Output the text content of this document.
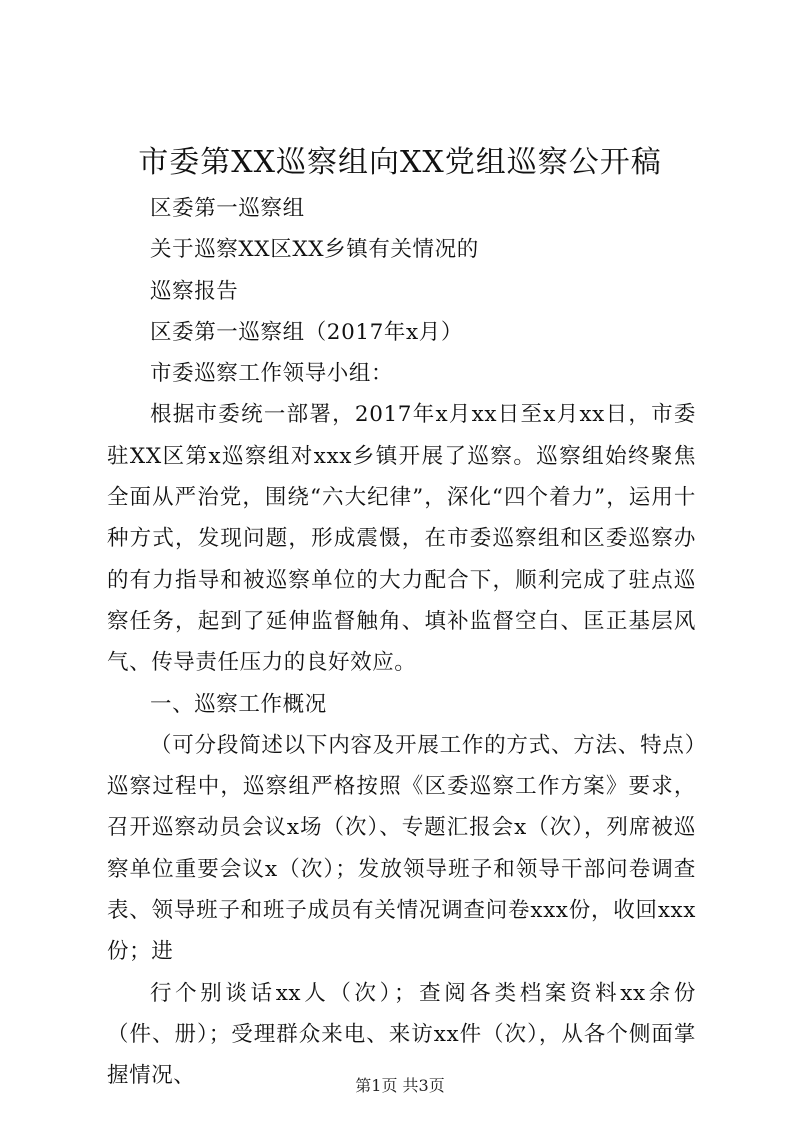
市委第XX巡察组向XX党组巡察公开稿

区委第一巡察组

关于巡察XX区XX乡镇有关情况的

巡察报告

区委第一巡察组（2017年x月）

市委巡察工作领导小组：

根据市委统一部署，2017年x月xx日至x月xx日，市委驻XX区第x巡察组对xxx乡镇开展了巡察。巡察组始终聚焦全面从严治党，围绕“六大纪律”，深化“四个着力”，运用十种方式，发现问题，形成震慑，在市委巡察组和区委巡察办的有力指导和被巡察单位的大力配合下，顺利完成了驻点巡察任务，起到了延伸监督触角、填补监督空白、匡正基层风气、传导责任压力的良好效应。

一、巡察工作概况

（可分段简述以下内容及开展工作的方式、方法、特点）巡察过程中，巡察组严格按照《区委巡察工作方案》要求，召开巡察动员会议x场（次）、专题汇报会x（次），列席被巡察单位重要会议x（次）；发放领导班子和领导干部问卷调查表、领导班子和班子成员有关情况调查问卷xxx份，收回xxx份；进

行个别谈话xx人（次）；查阅各类档案资料xx余份（件、册）；受理群众来电、来访xx件（次），从各个侧面掌握情况、	第1页 共3页
